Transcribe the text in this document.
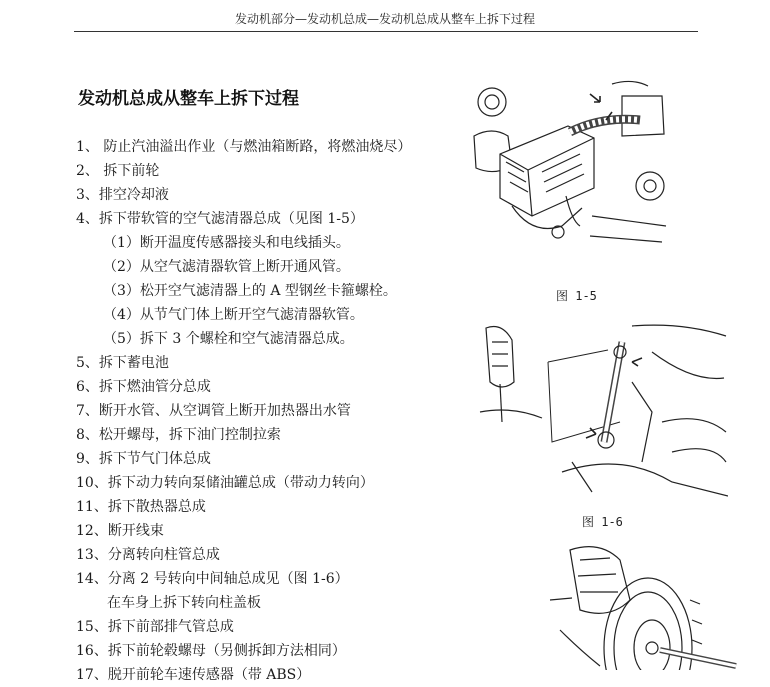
发动机部分—发动机总成—发动机总成从整车上拆下过程
发动机总成从整车上拆下过程
1、 防止汽油溢出作业（与燃油箱断路，将燃油烧尽）
2、 拆下前轮
3、排空冷却液
4、拆下带软管的空气滤清器总成（见图 1-5）
（1）断开温度传感器接头和电线插头。
（2）从空气滤清器软管上断开通风管。
（3）松开空气滤清器上的 A 型钢丝卡箍螺栓。
（4）从节气门体上断开空气滤清器软管。
（5）拆下 3 个螺栓和空气滤清器总成。
5、拆下蓄电池
6、拆下燃油管分总成
7、断开水管、从空调管上断开加热器出水管
8、松开螺母，拆下油门控制拉索
9、拆下节气门体总成
10、拆下动力转向泵储油罐总成（带动力转向）
11、拆下散热器总成
12、断开线束
13、分离转向柱管总成
14、分离 2 号转向中间轴总成见（图 1-6）
在车身上拆下转向柱盖板
15、拆下前部排气管总成
16、拆下前轮毂螺母（另侧拆卸方法相同）
17、脱开前轮车速传感器（带 ABS）
图 1-5
图 1-6
